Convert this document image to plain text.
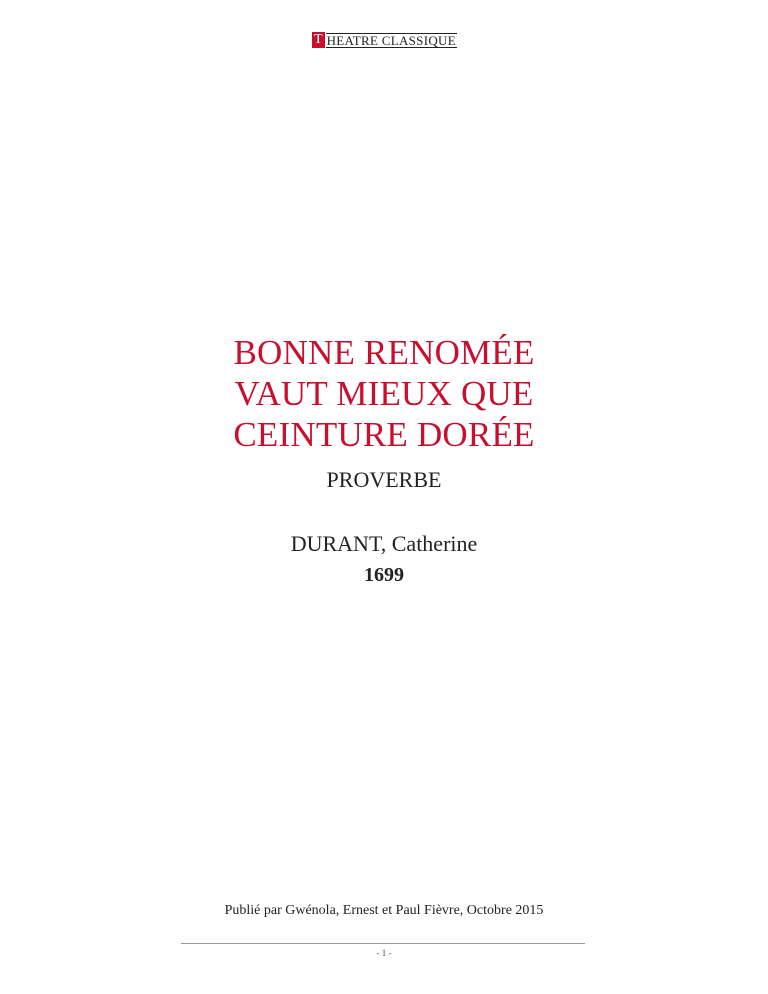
T HEATRE CLASSIQUE
BONNE RENOMÉE
VAUT MIEUX QUE
CEINTURE DORÉE
PROVERBE
DURANT, Catherine
1699
Publié par Gwénola, Ernest et Paul Fièvre, Octobre 2015
- 1 -
